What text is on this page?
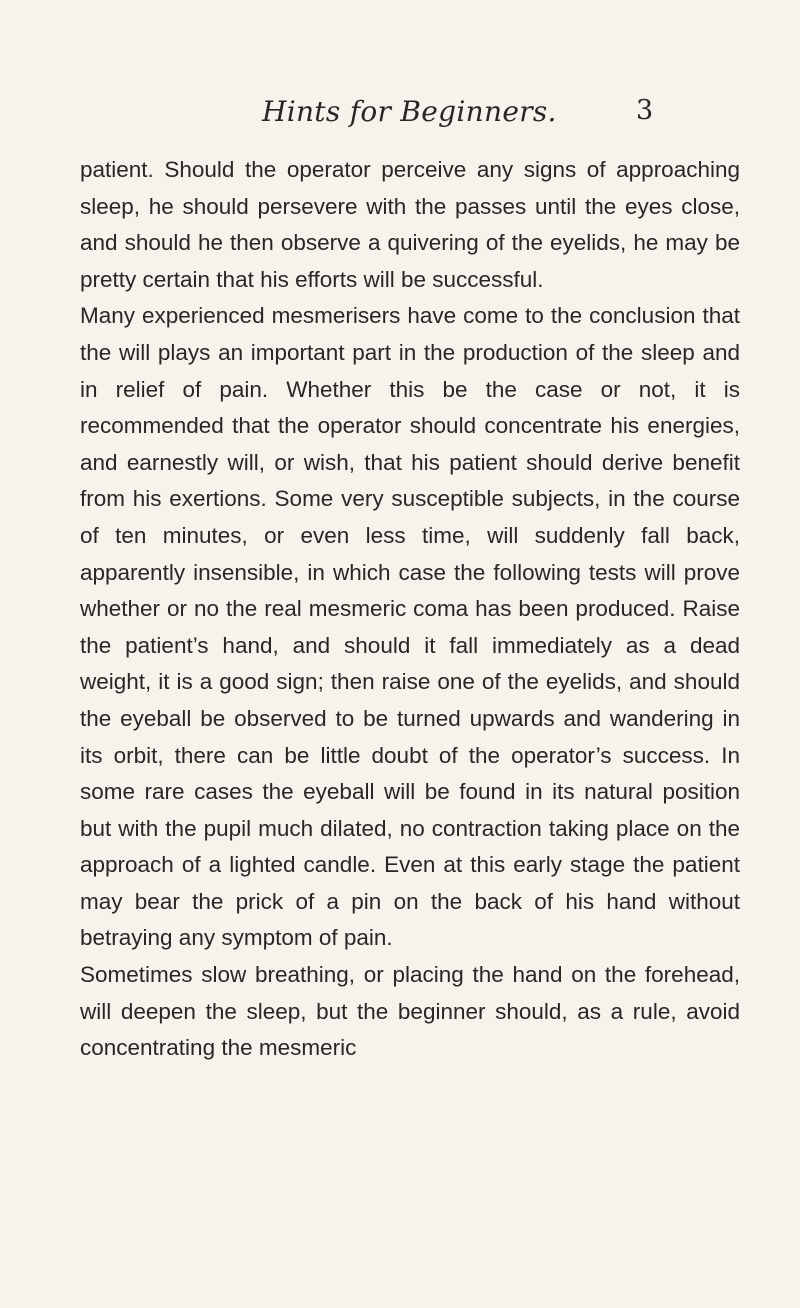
Hints for Beginners.	3

patient. Should the operator perceive any signs of approaching sleep, he should persevere with the passes until the eyes close, and should he then observe a quivering of the eyelids, he may be pretty certain that his efforts will be successful.

Many experienced mesmerisers have come to the conclusion that the will plays an important part in the production of the sleep and in relief of pain. Whether this be the case or not, it is recommended that the operator should concentrate his energies, and earnestly will, or wish, that his patient should derive benefit from his exertions. Some very susceptible subjects, in the course of ten minutes, or even less time, will suddenly fall back, apparently insensible, in which case the following tests will prove whether or no the real mesmeric coma has been produced. Raise the patient’s hand, and should it fall immediately as a dead weight, it is a good sign; then raise one of the eyelids, and should the eyeball be observed to be turned upwards and wandering in its orbit, there can be little doubt of the operator’s success. In some rare cases the eyeball will be found in its natural position but with the pupil much dilated, no contraction taking place on the approach of a lighted candle. Even at this early stage the patient may bear the prick of a pin on the back of his hand without betraying any symptom of pain.

Sometimes slow breathing, or placing the hand on the forehead, will deepen the sleep, but the beginner should, as a rule, avoid concentrating the mesmeric
